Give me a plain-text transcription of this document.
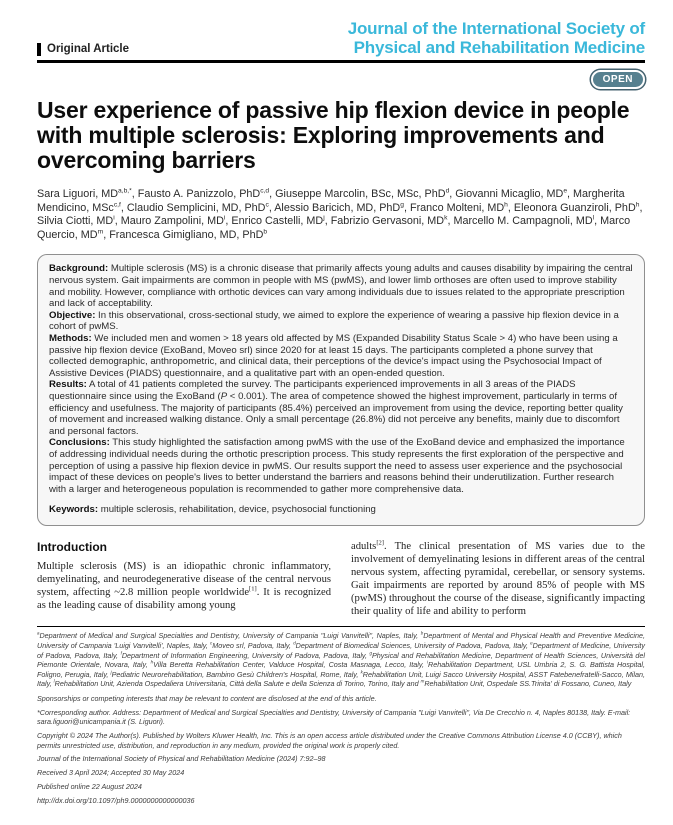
Original Article
Journal of the International Society of
Physical and Rehabilitation Medicine
OPEN
User experience of passive hip flexion device in people with multiple sclerosis: Exploring improvements and overcoming barriers
Sara Liguori, $MD^{a,b,*}$, Fausto A. Panizzolo, PhD$^{c,d}$, Giuseppe Marcolin, BSc, MSc, PhD$^d$, Giovanni Micaglio, MDe, Margherita Mendicino, MSc$^{c,f}$, Claudio Semplicini, MD, PhD$^c$, Alessio Baricich, MD, PhD$^g$, Franco Molteni, $MD^h$, Eleonora Guanziroli, PhD$^h$, Silvia Ciotti, $MD^i$, Mauro Zampolini, $MD^i$, Enrico Castelli, $MD^j$, Fabrizio Gervasoni, $MD^k$, Marcello M. Campagnoli, $MD^l$, Marco Quercio, $MD^m$, Francesca Gimigliano, MD, PhD$^b$
Background: Multiple sclerosis (MS) is a chronic disease that primarily affects young adults and causes disability by impairing the central nervous system. Gait impairments are common in people with MS (pwMS), and lower limb orthoses are often used to improve stability and mobility. However, compliance with orthotic devices can vary among individuals due to issues related to the appropriate prescription and lack of acceptability.
Objective: In this observational, cross-sectional study, we aimed to explore the experience of wearing a passive hip flexion device in a cohort of pwMS.
Methods: We included men and women > 18 years old affected by MS (Expanded Disability Status Scale > 4) who have been using a passive hip flexion device (ExoBand, Moveo srl) since 2020 for at least 15 days. The participants completed a phone survey that collected demographic, anthropometric, and clinical data, their perceptions of the device's impact using the Psychosocial Impact of Assistive Devices (PIADS) questionnaire, and a qualitative part with an open-ended question.
Results: A total of 41 patients completed the survey. The participants experienced improvements in all 3 areas of the PIADS questionnaire since using the ExoBand (P < 0.001). The area of competence showed the highest improvement, particularly in terms of efficiency and usefulness. The majority of participants (85.4%) perceived an improvement from using the device, reporting better quality of movement and increased walking distance. Only a small percentage (26.8%) did not perceive any benefits, mainly due to discomfort and personal factors.
Conclusions: This study highlighted the satisfaction among pwMS with the use of the ExoBand device and emphasized the importance of addressing individual needs during the orthotic prescription process. This study represents the first exploration of the perspective and perception of using a passive hip flexion device in pwMS. Our results support the need to assess user experience and the psychosocial impact of these devices on people's lives to better understand the barriers and reasons behind their underutilization. Further research with a larger and heterogeneous population is recommended to gather more comprehensive data.
Keywords: multiple sclerosis, rehabilitation, device, psychosocial functioning
Introduction
Multiple sclerosis (MS) is an idiopathic chronic inflammatory, demyelinating, and neurodegenerative disease of the central nervous system, affecting ~2.8 million people worldwide[1]. It is recognized as the leading cause of disability among young
adults[2]. The clinical presentation of MS varies due to the involvement of demyelinating lesions in different areas of the central nervous system, affecting pyramidal, cerebellar, or sensory systems. Gait impairments are reported by around 85% of people with MS (pwMS) throughout the course of the disease, significantly impacting their quality of life and ability to perform
$^a$Department of Medical and Surgical Specialties and Dentistry, University of Campania "Luigi Vanvitelli", Naples, Italy, $^b$Department of Mental and Physical Health and Preventive Medicine, University of Campania 'Luigi Vanvitelli', Naples, Italy, $^c$Moveo srl, Padova, Italy, $^d$Department of Biomedical Sciences, University of Padova, Padova, Italy, $^e$Department of Medicine, University of Padova, Padova, Italy, $^f$Department of Information Engineering, University of Padova, Padova, Italy, $^g$Physical and Rehabilitation Medicine, Department of Health Sciences, Università del Piemonte Orientale, Novara, Italy, $^h$Villa Beretta Rehabilitation Center, Valduce Hospital, Costa Masnaga, Lecco, Italy, $^i$Rehabilitation Department, USL Umbria 2, S. G. Battista Hospital, Foligno, Perugia, Italy, $^j$Pediatric Neurorehabilitation, Bambino Gesù Children's Hospital, Rome, Italy, $^k$Rehabilitation Unit, Luigi Sacco University Hospital, ASST Fatebenefratelli-Sacco, Milan, Italy, $^l$Rehabilitation Unit, Azienda Ospedaliera Universitaria, Città della Salute e della Scienza di Torino, Torino, Italy and $^m$Rehabilitation Unit, Ospedale SS.Trinita' di Fossano, Cuneo, Italy
Sponsorships or competing interests that may be relevant to content are disclosed at the end of this article.
*Corresponding author. Address: Department of Medical and Surgical Specialties and Dentistry, University of Campania "Luigi Vanvitelli", Via De Crecchio n. 4, Naples 80138, Italy. E-mail: sara.liguori@unicampania.it (S. Liguori).
Copyright © 2024 The Author(s). Published by Wolters Kluwer Health, Inc. This is an open access article distributed under the Creative Commons Attribution License 4.0 (CCBY), which permits unrestricted use, distribution, and reproduction in any medium, provided the original work is properly cited.
Journal of the International Society of Physical and Rehabilitation Medicine (2024) 7:92–98
Received 3 April 2024; Accepted 30 May 2024
Published online 22 August 2024
http://dx.doi.org/10.1097/ph9.0000000000000036
